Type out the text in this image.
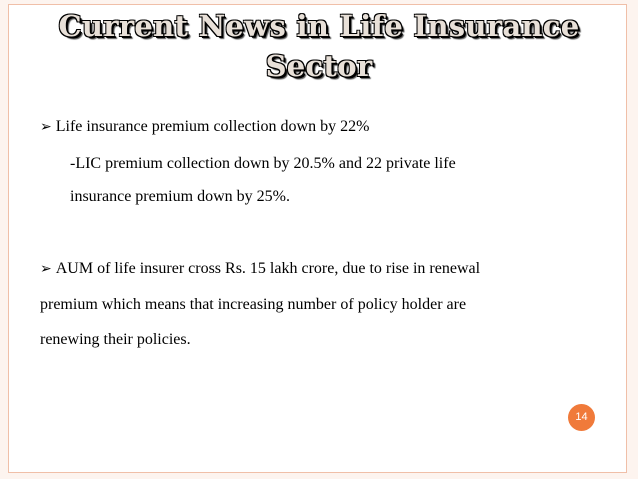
Current News in Life Insurance
Sector
➢ Life insurance premium collection down by 22%
-LIC premium collection down by 20.5% and 22 private life
insurance premium down by 25%.
➢ AUM of life insurer cross Rs. 15 lakh crore, due to rise in renewal
premium which means that increasing number of policy holder are
renewing their policies.
14
